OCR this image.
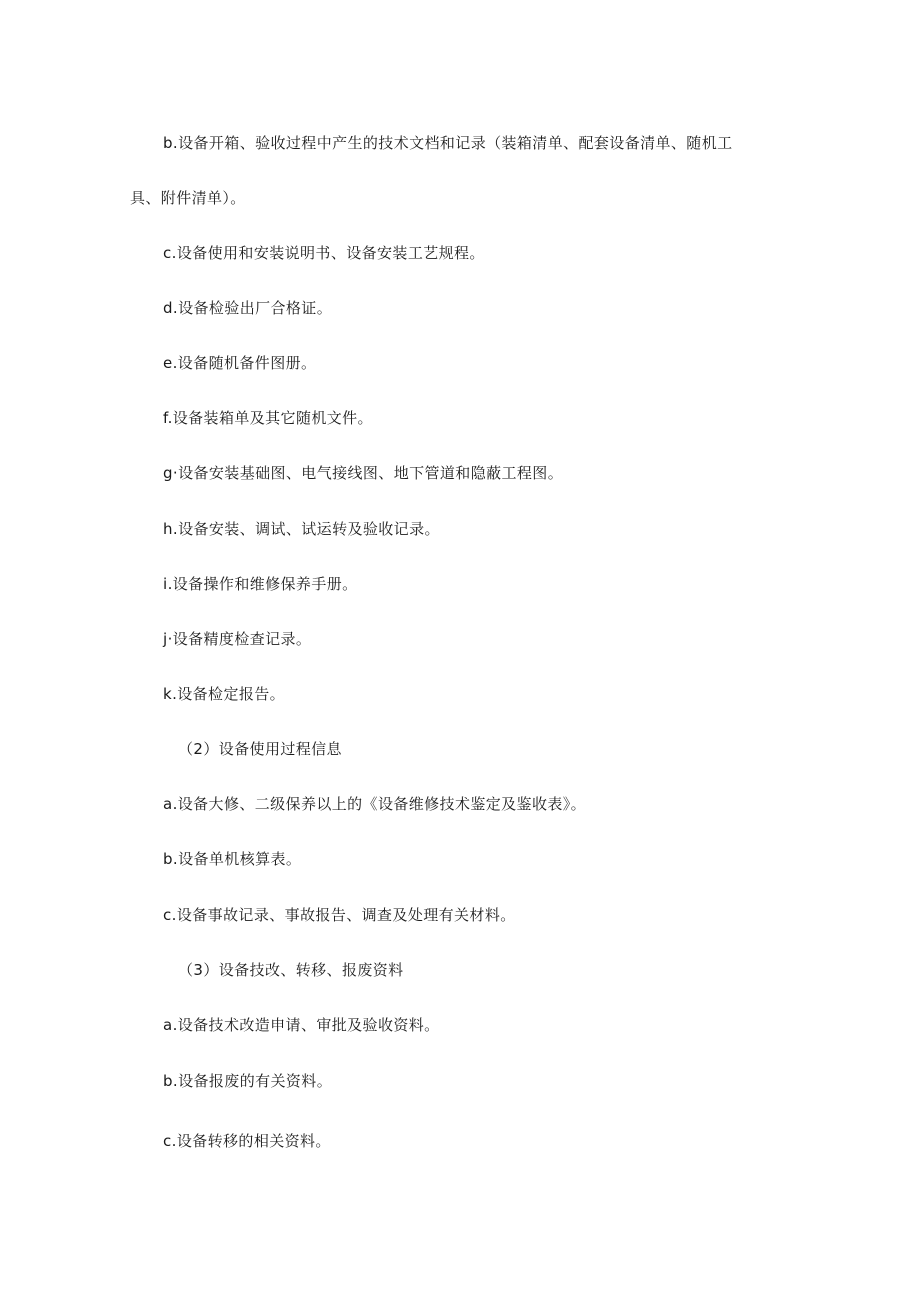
b.设备开箱、验收过程中产生的技术文档和记录（装箱清单、配套设备清单、随机工
具、附件清单）。
c.设备使用和安装说明书、设备安装工艺规程。
d.设备检验出厂合格证。
e.设备随机备件图册。
f.设备装箱单及其它随机文件。
g·设备安装基础图、电气接线图、地下管道和隐蔽工程图。
h.设备安装、调试、试运转及验收记录。
i.设备操作和维修保养手册。
j·设备精度检查记录。
k.设备检定报告。
（2）设备使用过程信息
a.设备大修、二级保养以上的《设备维修技术鉴定及鉴收表》。
b.设备单机核算表。
c.设备事故记录、事故报告、调查及处理有关材料。
（3）设备技改、转移、报废资料
a.设备技术改造申请、审批及验收资料。
b.设备报废的有关资料。
c.设备转移的相关资料。
